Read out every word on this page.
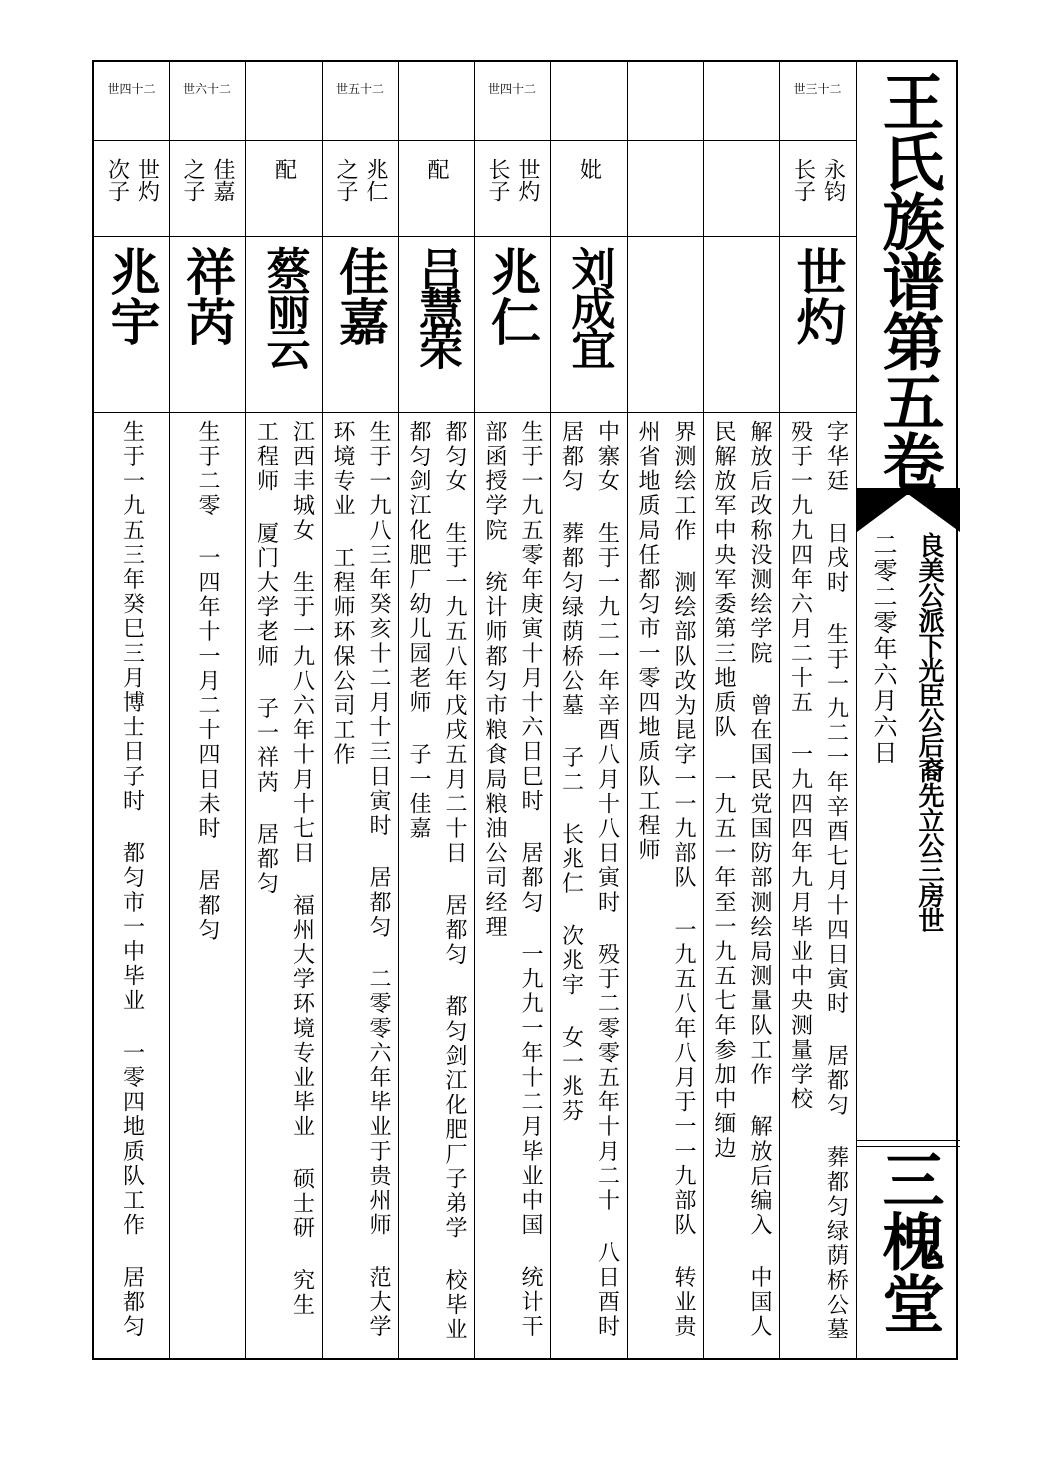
王氏族谱第五卷
良美公派下光臣公后裔先立公三房世
二零二零年六月六日
三槐堂
世三十二
长子 永钧
世灼
字华廷 日戌时 生于一九二一年辛酉七月十四日寅时 居都匀 葬都匀绿荫桥公墓 殁于一九九四年六月二十五 一九四四年九月毕业中央测量学校
解放后改称没测绘学院 曾在国民党国防部测绘局测量队工作 解放后编入 中国人民解放军中央军委第三地质队 一九五一年至一九五七年参加中缅边
界测绘工作 测绘部队改为昆字一一九部队 一九五八年八月于一一九部队 转业贵州省地质局任都匀市一零四地质队工程师
妣
刘成宜
中寨女 生于一九二一年辛酉八月十八日寅时 殁于二零零五年十月二十 八日酉时 居都匀 葬都匀绿荫桥公墓 子二 长兆仁 次兆宇 女一兆芬
世四十二
长子 世灼
兆仁
生于一九五零年庚寅十月十六日巳时 居都匀 一九九一年十二月毕业中国 统计干部函授学院 统计师都匀市粮食局粮油公司经理
配
吕慧荣
都匀女 生于一九五八年戊戌五月二十日 居都匀 都匀剑江化肥厂子弟学 校毕业 都匀剑江化肥厂幼儿园老师 子一佳嘉
世五十二
之子 兆仁
佳嘉
生于一九八三年癸亥十二月十三日寅时 居都匀 二零零六年毕业于贵州师 范大学环境专业 工程师环保公司工作
配
蔡丽云
江西丰城女 生于一九八六年十月十七日 福州大学环境专业毕业 硕士研 究生 工程师 厦门大学老师 子一祥芮 居都匀
世六十二
之子 佳嘉
祥芮
生于二零 一四年十一月二十四日未时 居都匀
世四十二
次子 世灼
兆宇
生于一九五三年癸巳三月博士日子时 都匀市一中毕业 一零四地质队工作 居都匀
